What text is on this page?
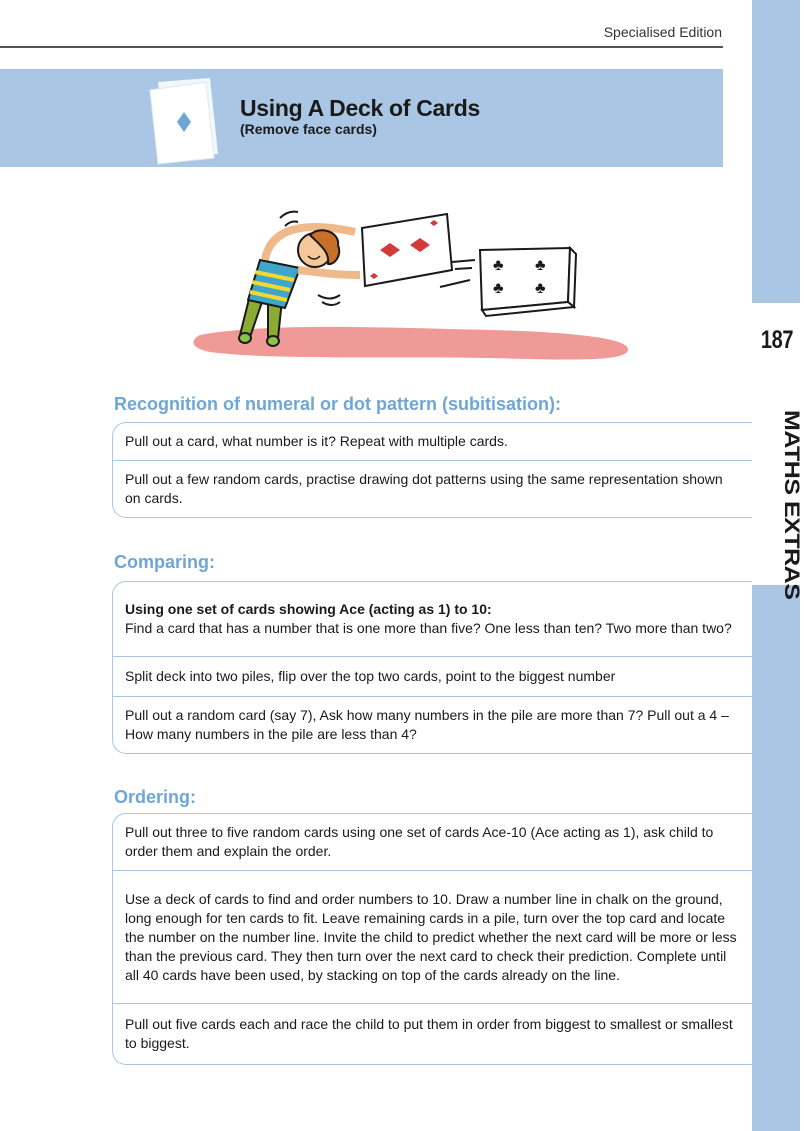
187
MATHS EXTRAS
Specialised Edition
Using A Deck of Cards
(Remove face cards)
♣ ♣
♣ ♣
Recognition of numeral or dot pattern (subitisation):
Pull out a card, what number is it? Repeat with multiple cards.
Pull out a few random cards, practise drawing dot patterns using the same representation shown on cards.
Comparing:
Using one set of cards showing Ace (acting as 1) to 10:
Find a card that has a number that is one more than five? One less than ten? Two more than two?
Split deck into two piles, flip over the top two cards, point to the biggest number
Pull out a random card (say 7), Ask how many numbers in the pile are more than 7? Pull out a 4 – How many numbers in the pile are less than 4?
Ordering:
Pull out three to five random cards using one set of cards Ace-10 (Ace acting as 1), ask child to order them and explain the order.
Use a deck of cards to find and order numbers to 10. Draw a number line in chalk on the ground, long enough for ten cards to fit. Leave remaining cards in a pile, turn over the top card and locate the number on the number line. Invite the child to predict whether the next card will be more or less than the previous card. They then turn over the next card to check their prediction. Complete until all 40 cards have been used, by stacking on top of the cards already on the line.
Pull out five cards each and race the child to put them in order from biggest to smallest or smallest to biggest.
